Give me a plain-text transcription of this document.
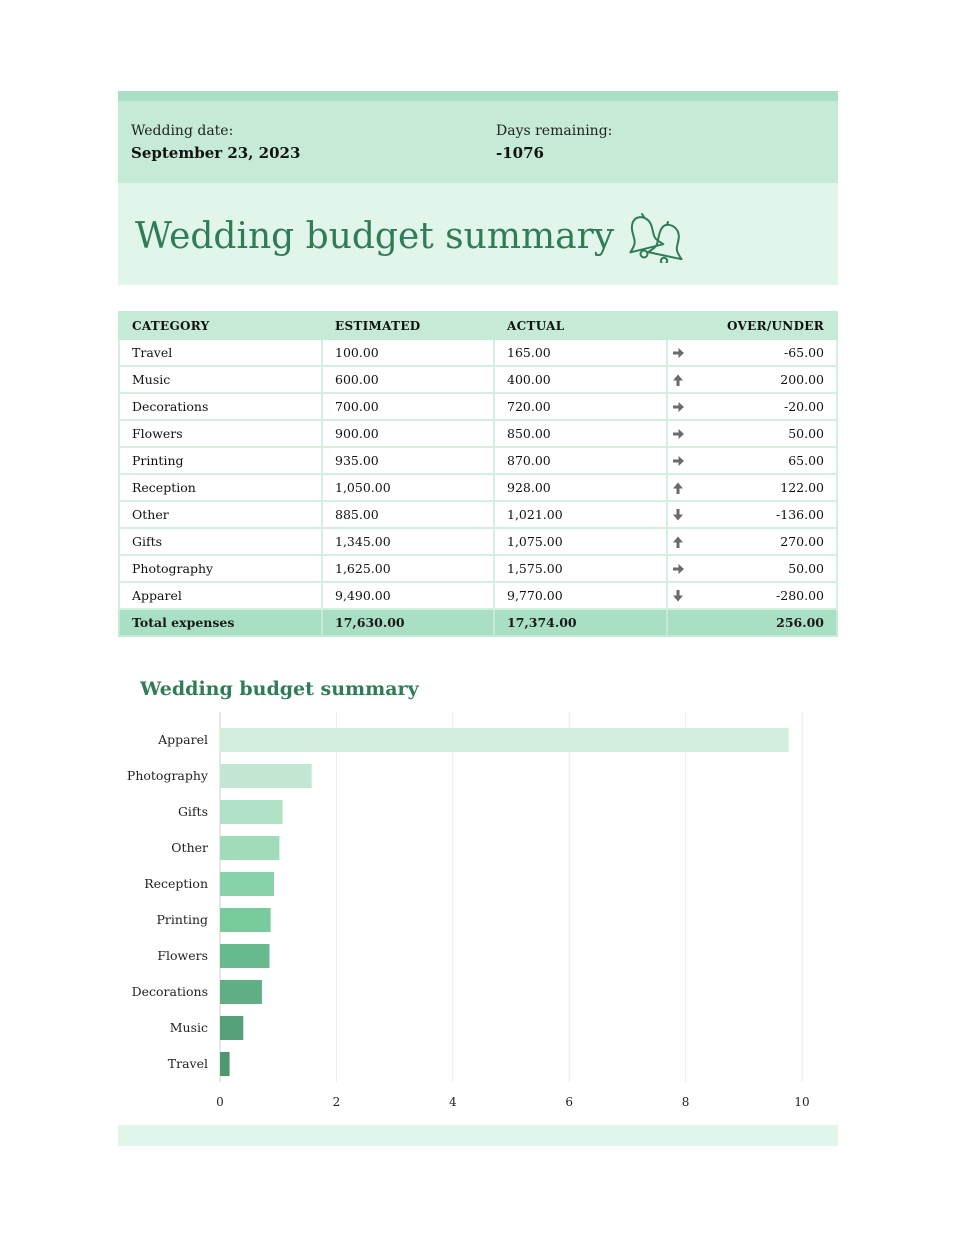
Wedding date:
September 23, 2023
Days remaining:
-1076
Wedding budget summary
CATEGORY	ESTIMATED	ACTUAL	OVER/UNDER
Travel	100.00	165.00	-65.00
Music	600.00	400.00	200.00
Decorations	700.00	720.00	-20.00
Flowers	900.00	850.00	50.00
Printing	935.00	870.00	65.00
Reception	1,050.00	928.00	122.00
Other	885.00	1,021.00	-136.00
Gifts	1,345.00	1,075.00	270.00
Photography	1,625.00	1,575.00	50.00
Apparel	9,490.00	9,770.00	-280.00
Total expenses	17,630.00	17,374.00	256.00
Wedding budget summary
0	2	4	6	8	10
Apparel
Photography
Gifts
Other
Reception
Printing
Flowers
Decorations
Music
Travel
